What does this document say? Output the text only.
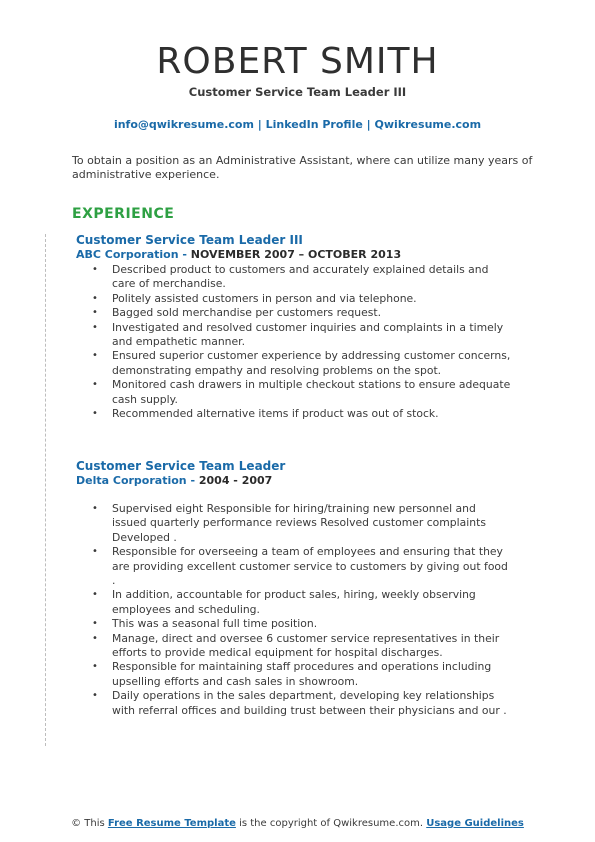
ROBERT SMITH
Customer Service Team Leader III
info@qwikresume.com | LinkedIn Profile | Qwikresume.com
To obtain a position as an Administrative Assistant, where can utilize many years of administrative experience.
EXPERIENCE
Customer Service Team Leader III
ABC Corporation - NOVEMBER 2007 – OCTOBER 2013
• Described product to customers and accurately explained details and care of merchandise.
• Politely assisted customers in person and via telephone.
• Bagged sold merchandise per customers request.
• Investigated and resolved customer inquiries and complaints in a timely and empathetic manner.
• Ensured superior customer experience by addressing customer concerns, demonstrating empathy and resolving problems on the spot.
• Monitored cash drawers in multiple checkout stations to ensure adequate cash supply.
• Recommended alternative items if product was out of stock.
Customer Service Team Leader
Delta Corporation - 2004 - 2007
• Supervised eight Responsible for hiring/training new personnel and issued quarterly performance reviews Resolved customer complaints Developed .
• Responsible for overseeing a team of employees and ensuring that they are providing excellent customer service to customers by giving out food .
• In addition, accountable for product sales, hiring, weekly observing employees and scheduling.
• This was a seasonal full time position.
• Manage, direct and oversee 6 customer service representatives in their efforts to provide medical equipment for hospital discharges.
• Responsible for maintaining staff procedures and operations including upselling efforts and cash sales in showroom.
• Daily operations in the sales department, developing key relationships with referral offices and building trust between their physicians and our .
© This Free Resume Template is the copyright of Qwikresume.com. Usage Guidelines
